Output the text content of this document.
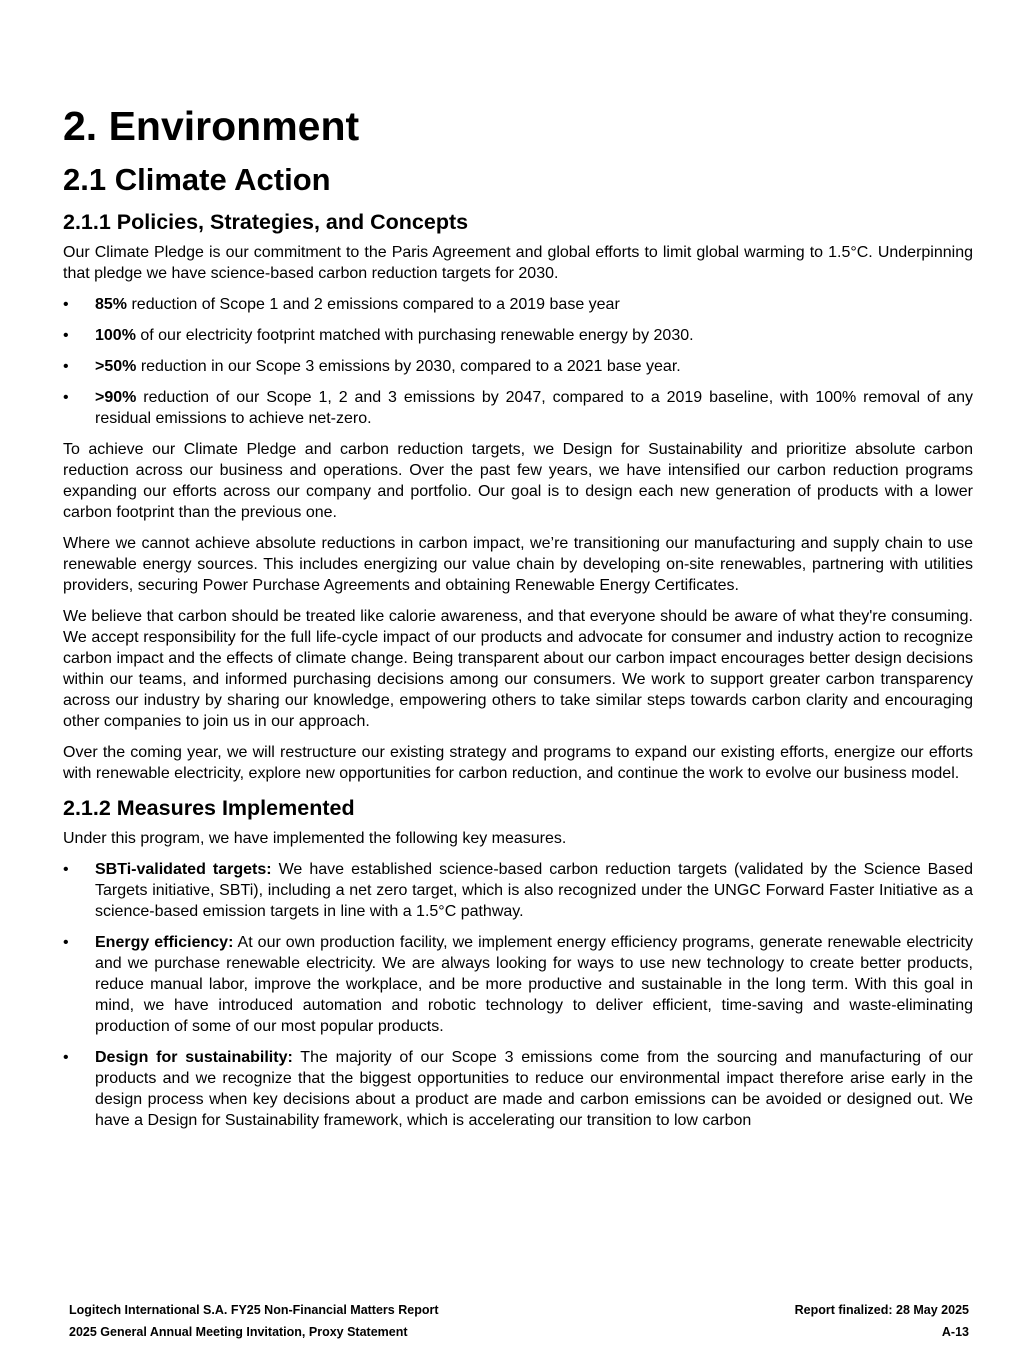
2. Environment
2.1 Climate Action
2.1.1 Policies, Strategies, and Concepts

Our Climate Pledge is our commitment to the Paris Agreement and global efforts to limit global warming to 1.5°C. Underpinning that pledge we have science-based carbon reduction targets for 2030.

• 85% reduction of Scope 1 and 2 emissions compared to a 2019 base year
• 100% of our electricity footprint matched with purchasing renewable energy by 2030.
• >50% reduction in our Scope 3 emissions by 2030, compared to a 2021 base year.
• >90% reduction of our Scope 1, 2 and 3 emissions by 2047, compared to a 2019 baseline, with 100% removal of any residual emissions to achieve net-zero.

To achieve our Climate Pledge and carbon reduction targets, we Design for Sustainability and prioritize absolute carbon reduction across our business and operations. Over the past few years, we have intensified our carbon reduction programs expanding our efforts across our company and portfolio. Our goal is to design each new generation of products with a lower carbon footprint than the previous one.

Where we cannot achieve absolute reductions in carbon impact, we’re transitioning our manufacturing and supply chain to use renewable energy sources. This includes energizing our value chain by developing on-site renewables, partnering with utilities providers, securing Power Purchase Agreements and obtaining Renewable Energy Certificates.

We believe that carbon should be treated like calorie awareness, and that everyone should be aware of what they're consuming. We accept responsibility for the full life-cycle impact of our products and advocate for consumer and industry action to recognize carbon impact and the effects of climate change. Being transparent about our carbon impact encourages better design decisions within our teams, and informed purchasing decisions among our consumers. We work to support greater carbon transparency across our industry by sharing our knowledge, empowering others to take similar steps towards carbon clarity and encouraging other companies to join us in our approach.

Over the coming year, we will restructure our existing strategy and programs to expand our existing efforts, energize our efforts with renewable electricity, explore new opportunities for carbon reduction, and continue the work to evolve our business model.

2.1.2 Measures Implemented

Under this program, we have implemented the following key measures.

• SBTi-validated targets: We have established science-based carbon reduction targets (validated by the Science Based Targets initiative, SBTi), including a net zero target, which is also recognized under the UNGC Forward Faster Initiative as a science-based emission targets in line with a 1.5°C pathway.
• Energy efficiency: At our own production facility, we implement energy efficiency programs, generate renewable electricity and we purchase renewable electricity. We are always looking for ways to use new technology to create better products, reduce manual labor, improve the workplace, and be more productive and sustainable in the long term. With this goal in mind, we have introduced automation and robotic technology to deliver efficient, time-saving and waste-eliminating production of some of our most popular products.
• Design for sustainability: The majority of our Scope 3 emissions come from the sourcing and manufacturing of our products and we recognize that the biggest opportunities to reduce our environmental impact therefore arise early in the design process when key decisions about a product are made and carbon emissions can be avoided or designed out. We have a Design for Sustainability framework, which is accelerating our transition to low carbon
Logitech International S.A. FY25 Non-Financial Matters Report	Report finalized: 28 May 2025
2025 General Annual Meeting Invitation, Proxy Statement	A-13
